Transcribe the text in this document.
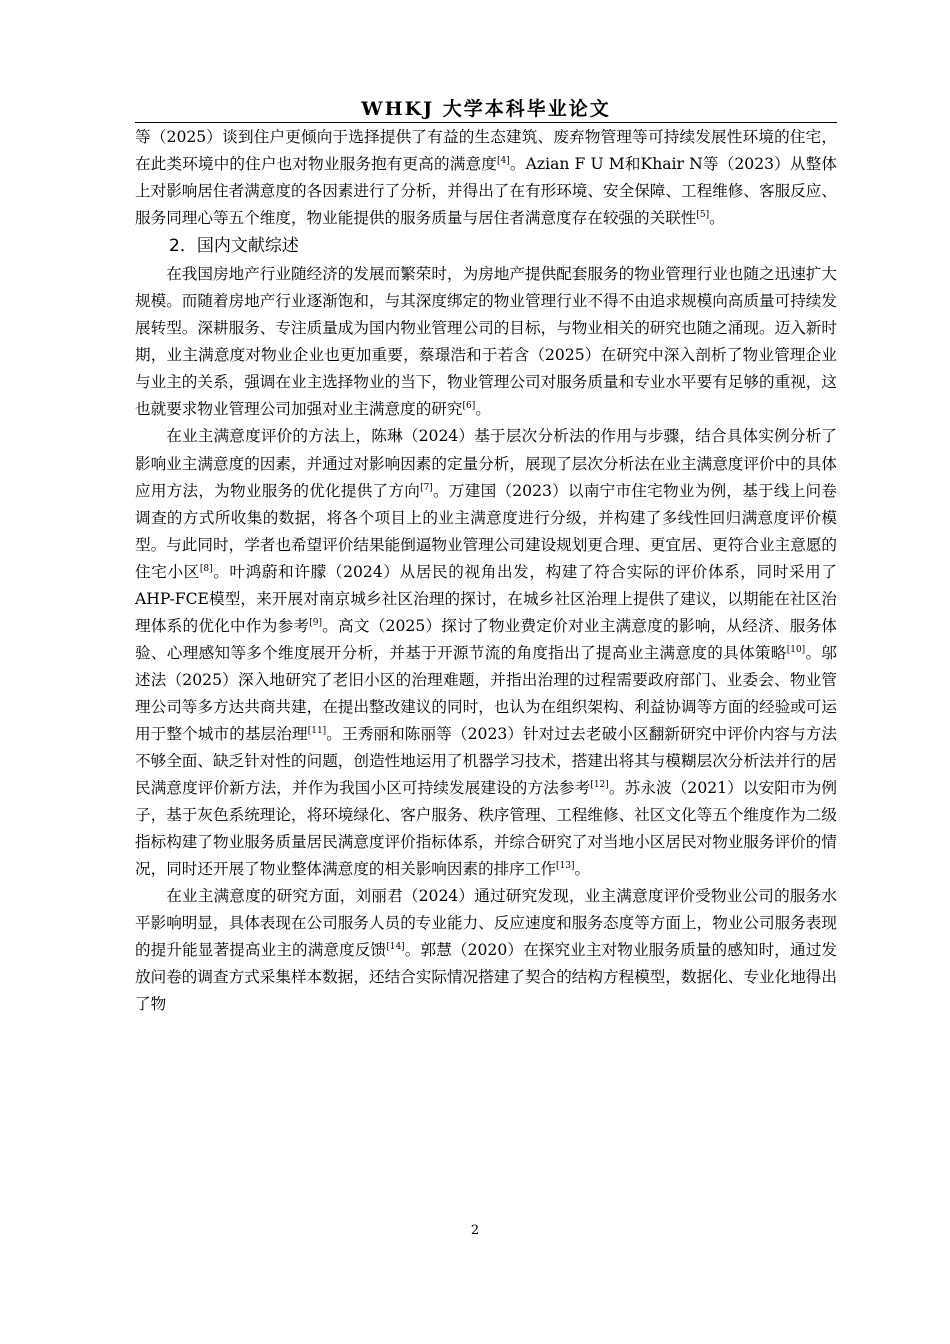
WHKJ 大学本科毕业论文

等（2025）谈到住户更倾向于选择提供了有益的生态建筑、废弃物管理等可持续发展性环境的住宅，在此类环境中的住户也对物业服务抱有更高的满意度[4]。Azian F U M和Khair N等（2023）从整体上对影响居住者满意度的各因素进行了分析，并得出了在有形环境、安全保障、工程维修、客服反应、服务同理心等五个维度，物业能提供的服务质量与居住者满意度存在较强的关联性[5]。

2．国内文献综述

在我国房地产行业随经济的发展而繁荣时，为房地产提供配套服务的物业管理行业也随之迅速扩大规模。而随着房地产行业逐渐饱和，与其深度绑定的物业管理行业不得不由追求规模向高质量可持续发展转型。深耕服务、专注质量成为国内物业管理公司的目标，与物业相关的研究也随之涌现。迈入新时期，业主满意度对物业企业也更加重要，蔡璟浩和于若含（2025）在研究中深入剖析了物业管理企业与业主的关系，强调在业主选择物业的当下，物业管理公司对服务质量和专业水平要有足够的重视，这也就要求物业管理公司加强对业主满意度的研究[6]。

在业主满意度评价的方法上，陈琳（2024）基于层次分析法的作用与步骤，结合具体实例分析了影响业主满意度的因素，并通过对影响因素的定量分析，展现了层次分析法在业主满意度评价中的具体应用方法，为物业服务的优化提供了方向[7]。万建国（2023）以南宁市住宅物业为例，基于线上问卷调查的方式所收集的数据，将各个项目上的业主满意度进行分级，并构建了多线性回归满意度评价模型。与此同时，学者也希望评价结果能倒逼物业管理公司建设规划更合理、更宜居、更符合业主意愿的住宅小区[8]。叶鸿蔚和许朦（2024）从居民的视角出发，构建了符合实际的评价体系，同时采用了AHP-FCE模型，来开展对南京城乡社区治理的探讨，在城乡社区治理上提供了建议，以期能在社区治理体系的优化中作为参考[9]。高文（2025）探讨了物业费定价对业主满意度的影响，从经济、服务体验、心理感知等多个维度展开分析，并基于开源节流的角度指出了提高业主满意度的具体策略[10]。邬述法（2025）深入地研究了老旧小区的治理难题，并指出治理的过程需要政府部门、业委会、物业管理公司等多方达共商共建，在提出整改建议的同时，也认为在组织架构、利益协调等方面的经验或可运用于整个城市的基层治理[11]。王秀丽和陈丽等（2023）针对过去老破小区翻新研究中评价内容与方法不够全面、缺乏针对性的问题，创造性地运用了机器学习技术，搭建出将其与模糊层次分析法并行的居民满意度评价新方法，并作为我国小区可持续发展建设的方法参考[12]。苏永波（2021）以安阳市为例子，基于灰色系统理论，将环境绿化、客户服务、秩序管理、工程维修、社区文化等五个维度作为二级指标构建了物业服务质量居民满意度评价指标体系，并综合研究了对当地小区居民对物业服务评价的情况，同时还开展了物业整体满意度的相关影响因素的排序工作[13]。

在业主满意度的研究方面，刘丽君（2024）通过研究发现，业主满意度评价受物业公司的服务水平影响明显，具体表现在公司服务人员的专业能力、反应速度和服务态度等方面上，物业公司服务表现的提升能显著提高业主的满意度反馈[14]。郭慧（2020）在探究业主对物业服务质量的感知时，通过发放问卷的调查方式采集样本数据，还结合实际情况搭建了契合的结构方程模型，数据化、专业化地得出了物

2
